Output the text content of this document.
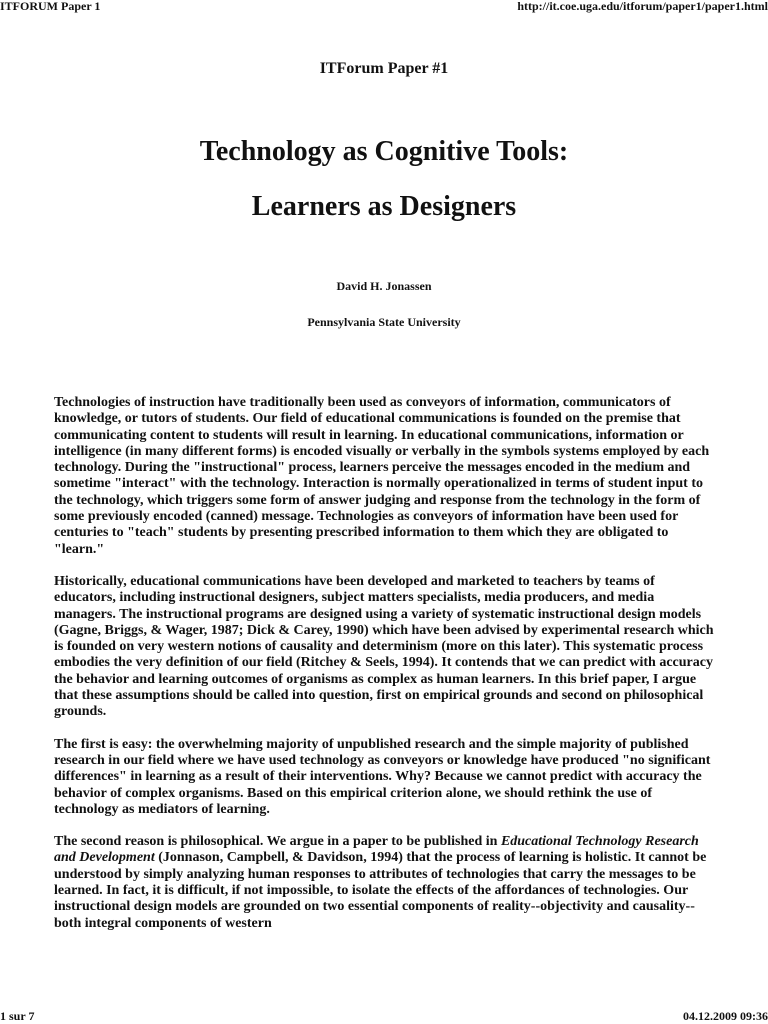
ITFORUM Paper 1	http://it.coe.uga.edu/itforum/paper1/paper1.html
ITForum Paper #1
Technology as Cognitive Tools:
Learners as Designers
David H. Jonassen
Pennsylvania State University

Technologies of instruction have traditionally been used as conveyors of information, communicators of knowledge, or tutors of students. Our field of educational communications is founded on the premise that communicating content to students will result in learning. In educational communications, information or intelligence (in many different forms) is encoded visually or verbally in the symbols systems employed by each technology. During the "instructional" process, learners perceive the messages encoded in the medium and sometime "interact" with the technology. Interaction is normally operationalized in terms of student input to the technology, which triggers some form of answer judging and response from the technology in the form of some previously encoded (canned) message. Technologies as conveyors of information have been used for centuries to "teach" students by presenting prescribed information to them which they are obligated to "learn."

Historically, educational communications have been developed and marketed to teachers by teams of educators, including instructional designers, subject matters specialists, media producers, and media managers. The instructional programs are designed using a variety of systematic instructional design models (Gagne, Briggs, & Wager, 1987; Dick & Carey, 1990) which have been advised by experimental research which is founded on very western notions of causality and determinism (more on this later). This systematic process embodies the very definition of our field (Ritchey & Seels, 1994). It contends that we can predict with accuracy the behavior and learning outcomes of organisms as complex as human learners. In this brief paper, I argue that these assumptions should be called into question, first on empirical grounds and second on philosophical grounds.

The first is easy: the overwhelming majority of unpublished research and the simple majority of published research in our field where we have used technology as conveyors or knowledge have produced "no significant differences" in learning as a result of their interventions. Why? Because we cannot predict with accuracy the behavior of complex organisms. Based on this empirical criterion alone, we should rethink the use of technology as mediators of learning.

The second reason is philosophical. We argue in a paper to be published in Educational Technology Research and Development (Jonnason, Campbell, & Davidson, 1994) that the process of learning is holistic. It cannot be understood by simply analyzing human responses to attributes of technologies that carry the messages to be learned. In fact, it is difficult, if not impossible, to isolate the effects of the affordances of technologies. Our instructional design models are grounded on two essential components of reality--objectivity and causality--both integral components of western

1 sur 7	04.12.2009 09:36
